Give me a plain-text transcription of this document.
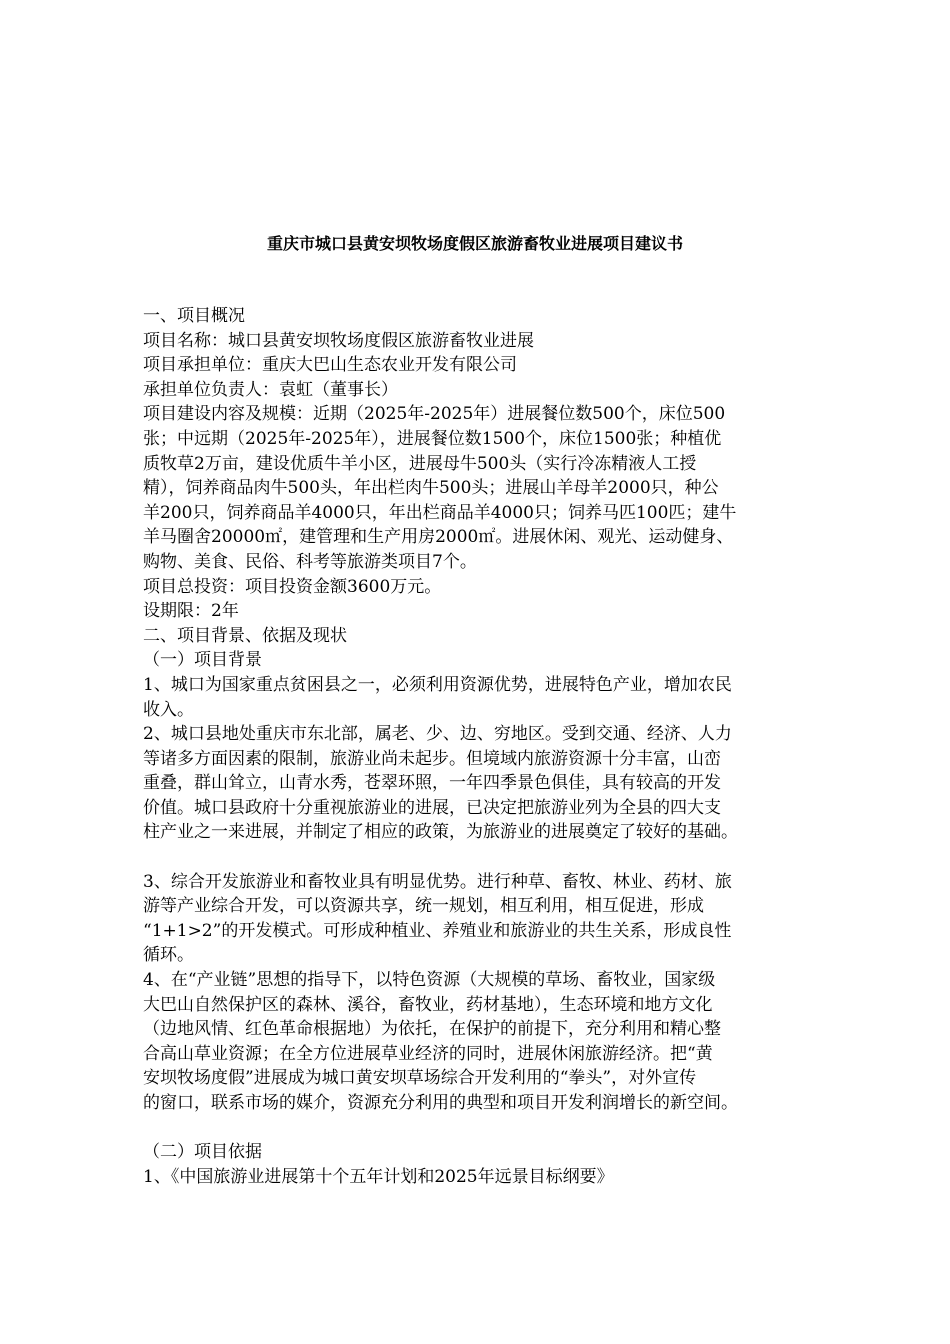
重庆市城口县黄安坝牧场度假区旅游畜牧业进展项目建议书

一、项目概况

项目名称：城口县黄安坝牧场度假区旅游畜牧业进展

项目承担单位：重庆大巴山生态农业开发有限公司

承担单位负责人：袁虹（董事长）

项目建设内容及规模：近期（2025年-2025年）进展餐位数500个，床位500

张；中远期（2025年-2025年），进展餐位数1500个，床位1500张；种植优

质牧草2万亩，建设优质牛羊小区，进展母牛500头（实行冷冻精液人工授

精），饲养商品肉牛500头，年出栏肉牛500头；进展山羊母羊2000只，种公

羊200只，饲养商品羊4000只，年出栏商品羊4000只；饲养马匹100匹；建牛

羊马圈舍20000㎡，建管理和生产用房2000㎡。进展休闲、观光、运动健身、

购物、美食、民俗、科考等旅游类项目7个。

项目总投资：项目投资金额3600万元。

设期限：2年

二、项目背景、依据及现状

（一）项目背景

1、城口为国家重点贫困县之一，必须利用资源优势，进展特色产业，增加农民

收入。

2、城口县地处重庆市东北部，属老、少、边、穷地区。受到交通、经济、人力

等诸多方面因素的限制，旅游业尚未起步。但境域内旅游资源十分丰富，山峦

重叠，群山耸立，山青水秀，苍翠环照，一年四季景色俱佳，具有较高的开发

价值。城口县政府十分重视旅游业的进展，已决定把旅游业列为全县的四大支

柱产业之一来进展，并制定了相应的政策，为旅游业的进展奠定了较好的基础。

3、综合开发旅游业和畜牧业具有明显优势。进行种草、畜牧、林业、药材、旅

游等产业综合开发，可以资源共享，统一规划，相互利用，相互促进，形成

“1+1>2”的开发模式。可形成种植业、养殖业和旅游业的共生关系，形成良性

循环。

4、在“产业链”思想的指导下，以特色资源（大规模的草场、畜牧业，国家级

大巴山自然保护区的森林、溪谷，畜牧业，药材基地），生态环境和地方文化

（边地风情、红色革命根据地）为依托，在保护的前提下，充分利用和精心整

合高山草业资源；在全方位进展草业经济的同时，进展休闲旅游经济。把“黄

安坝牧场度假”进展成为城口黄安坝草场综合开发利用的“拳头”，对外宣传

的窗口，联系市场的媒介，资源充分利用的典型和项目开发利润增长的新空间。

（二）项目依据

1、《中国旅游业进展第十个五年计划和2025年远景目标纲要》
